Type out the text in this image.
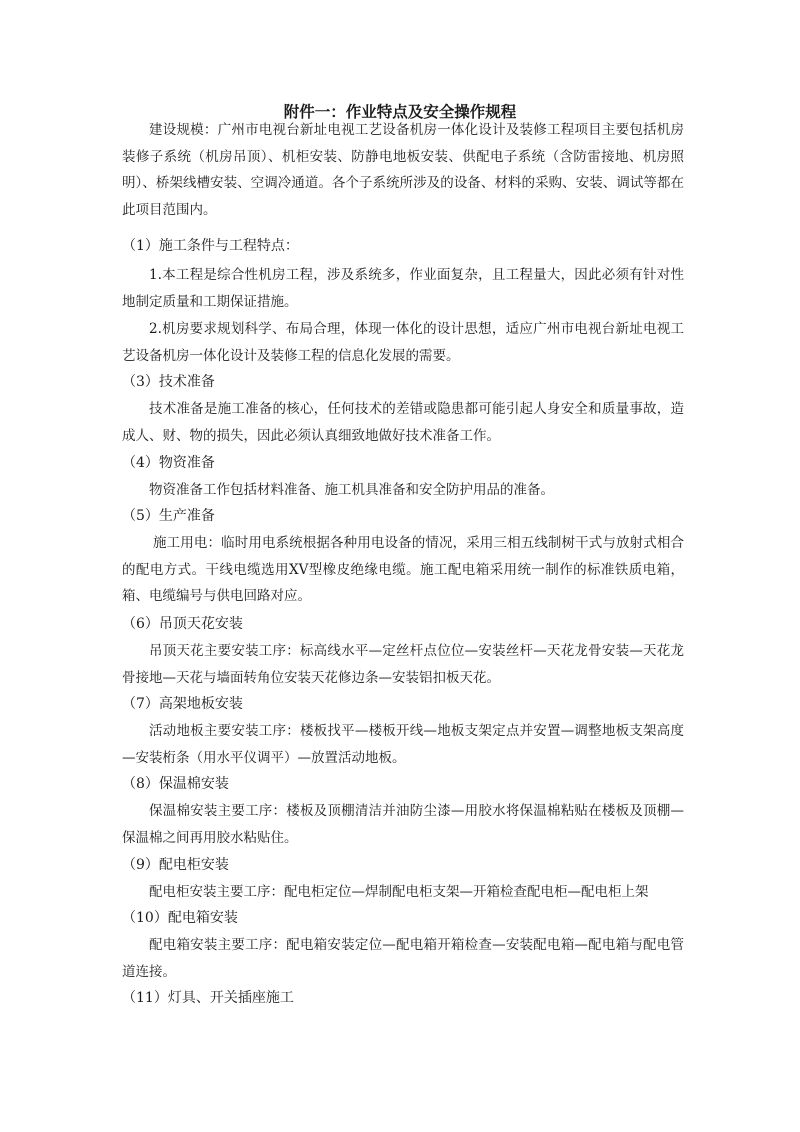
附件一：作业特点及安全操作规程

建设规模：广州市电视台新址电视工艺设备机房一体化设计及装修工程项目主要包括机房装修子系统（机房吊顶）、机柜安装、防静电地板安装、供配电子系统（含防雷接地、机房照明）、桥架线槽安装、空调冷通道。各个子系统所涉及的设备、材料的采购、安装、调试等都在此项目范围内。

（1）施工条件与工程特点：

1.本工程是综合性机房工程，涉及系统多，作业面复杂，且工程量大，因此必须有针对性地制定质量和工期保证措施。

2.机房要求规划科学、布局合理，体现一体化的设计思想，适应广州市电视台新址电视工艺设备机房一体化设计及装修工程的信息化发展的需要。

（3）技术准备

技术准备是施工准备的核心，任何技术的差错或隐患都可能引起人身安全和质量事故，造成人、财、物的损失，因此必须认真细致地做好技术准备工作。

（4）物资准备

物资准备工作包括材料准备、施工机具准备和安全防护用品的准备。

（5）生产准备

施工用电：临时用电系统根据各种用电设备的情况，采用三相五线制树干式与放射式相合的配电方式。干线电缆选用XV型橡皮绝缘电缆。施工配电箱采用统一制作的标准铁质电箱，箱、电缆编号与供电回路对应。

（6）吊顶天花安装

吊顶天花主要安装工序：标高线水平—定丝杆点位位—安装丝杆—天花龙骨安装—天花龙骨接地—天花与墙面转角位安装天花修边条—安装铝扣板天花。

（7）高架地板安装

活动地板主要安装工序：楼板找平—楼板开线—地板支架定点并安置—调整地板支架高度—安装桁条（用水平仪调平）—放置活动地板。

（8）保温棉安装

保温棉安装主要工序：楼板及顶棚清洁并油防尘漆—用胶水将保温棉粘贴在楼板及顶棚—保温棉之间再用胶水粘贴住。

（9）配电柜安装

配电柜安装主要工序：配电柜定位—焊制配电柜支架—开箱检查配电柜—配电柜上架

（10）配电箱安装

配电箱安装主要工序：配电箱安装定位—配电箱开箱检查—安装配电箱—配电箱与配电管道连接。

（11）灯具、开关插座施工
